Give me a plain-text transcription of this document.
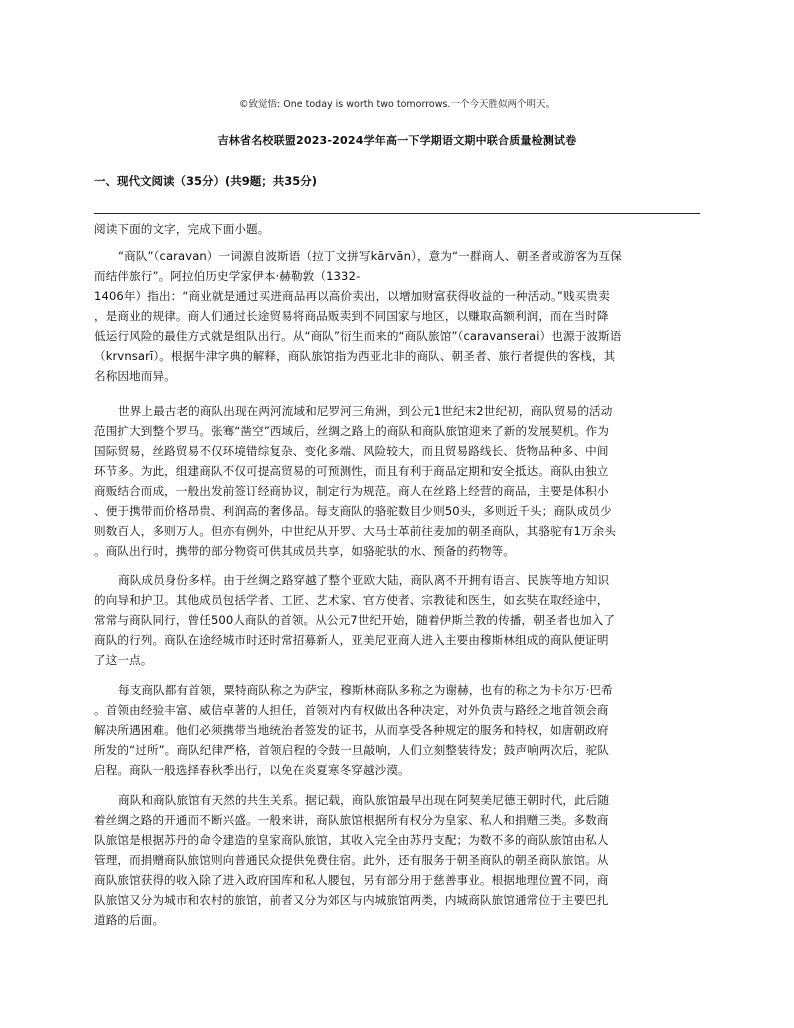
©致觉悟: One today is worth two tomorrows.一个今天胜似两个明天。
吉林省名校联盟2023-2024学年高一下学期语文期中联合质量检测试卷
一、现代文阅读（35分）(共9题；共35分)
阅读下面的文字，完成下面小题。
“商队”（caravan）一词源自波斯语（拉丁文拼写kārvān），意为“一群商人、朝圣者或游客为互保
而结伴旅行”。阿拉伯历史学家伊本·赫勒敦（1332-
1406年）指出：“商业就是通过买进商品再以高价卖出，以增加财富获得收益的一种活动。”贱买贵卖
，是商业的规律。商人们通过长途贸易将商品贩卖到不同国家与地区，以赚取高额利润，而在当时降
低运行风险的最佳方式就是组队出行。从“商队”衍生而来的“商队旅馆”（caravanserai）也源于波斯语
（krvnsarī）。根据牛津字典的解释，商队旅馆指为西亚北非的商队、朝圣者、旅行者提供的客栈，其
名称因地而异。
世界上最古老的商队出现在两河流域和尼罗河三角洲，到公元1世纪末2世纪初，商队贸易的活动
范围扩大到整个罗马。张骞“凿空”西域后，丝绸之路上的商队和商队旅馆迎来了新的发展契机。作为
国际贸易，丝路贸易不仅环境错综复杂、变化多端、风险较大，而且贸易路线长、货物品种多、中间
环节多。为此，组建商队不仅可提高贸易的可预测性，而且有利于商品定期和安全抵达。商队由独立
商贩结合而成，一般出发前签订经商协议，制定行为规范。商人在丝路上经营的商品，主要是体积小
、便于携带而价格昂贵、利润高的奢侈品。每支商队的骆驼数目少则50头，多则近千头；商队成员少
则数百人，多则万人。但亦有例外，中世纪从开罗、大马士革前往麦加的朝圣商队，其骆驼有1万余头
。商队出行时，携带的部分物资可供其成员共享，如骆驼驮的水、预备的药物等。
商队成员身份多样。由于丝绸之路穿越了整个亚欧大陆，商队离不开拥有语言、民族等地方知识
的向导和护卫。其他成员包括学者、工匠、艺术家、官方使者、宗教徒和医生，如玄奘在取经途中，
常常与商队同行，曾任500人商队的首领。从公元7世纪开始，随着伊斯兰教的传播，朝圣者也加入了
商队的行列。商队在途经城市时还时常招募新人，亚美尼亚商人进入主要由穆斯林组成的商队便证明
了这一点。
每支商队都有首领，粟特商队称之为萨宝，穆斯林商队多称之为谢赫，也有的称之为卡尔万·巴希
。首领由经验丰富、威信卓著的人担任，首领对内有权做出各种决定，对外负责与路经之地首领会商
解决所遇困难。他们必须携带当地统治者签发的证书，从而享受各种规定的服务和特权，如唐朝政府
所发的“过所”。商队纪律严格，首领启程的令鼓一旦敲响，人们立刻整装待发；鼓声响两次后，驼队
启程。商队一般选择春秋季出行，以免在炎夏寒冬穿越沙漠。
商队和商队旅馆有天然的共生关系。据记载，商队旅馆最早出现在阿契美尼德王朝时代，此后随
着丝绸之路的开通而不断兴盛。一般来讲，商队旅馆根据所有权分为皇家、私人和捐赠三类。多数商
队旅馆是根据苏丹的命令建造的皇家商队旅馆，其收入完全由苏丹支配；为数不多的商队旅馆由私人
管理，而捐赠商队旅馆则向普通民众提供免费住宿。此外，还有服务于朝圣商队的朝圣商队旅馆。从
商队旅馆获得的收入除了进入政府国库和私人腰包，另有部分用于慈善事业。根据地理位置不同，商
队旅馆又分为城市和农村的旅馆，前者又分为郊区与内城旅馆两类，内城商队旅馆通常位于主要巴扎
道路的后面。
